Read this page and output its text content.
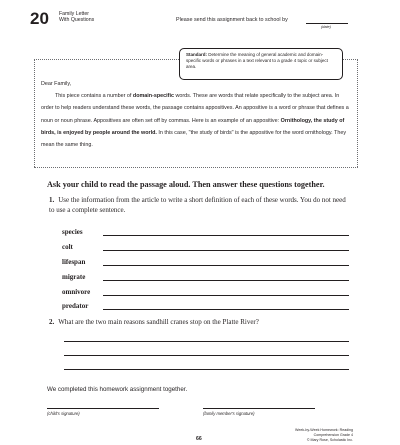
20 Family Letter
With Questions	Please send this assignment back to school by
(date)
Standard: Determine the meaning of general academic and domain-specific words or phrases in a text relevant to a grade 4 topic or subject area.

Dear Family,

This piece contains a number of domain-specific words. These are words that relate specifically to the subject area. In order to help readers understand these words, the passage contains appositives. An appositive is a word or phrase that defines a noun or noun phrase. Appositives are often set off by commas. Here is an example of an appositive: Ornithology, the study of birds, is enjoyed by people around the world. In this case, "the study of birds" is the appositive for the word ornithology. They mean the same thing.

Ask your child to read the passage aloud. Then answer these questions together.
1. Use the information from the article to write a short definition of each of these words. You do not need to use a complete sentence.
species
colt
lifespan
migrate
omnivore
predator
2. What are the two main reasons sandhill cranes stop on the Platte River?
We completed this homework assignment together.
(child's signature)	(family member's signature)
66
Week-by-Week Homework: Reading Comprehension Grade 4
© Mary Rose, Scholastic Inc.
